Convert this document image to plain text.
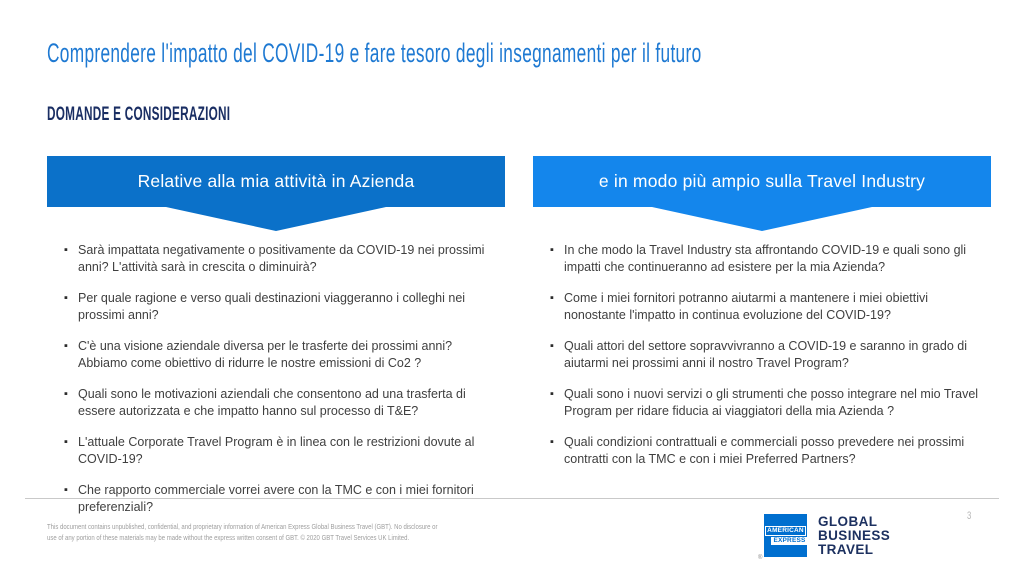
Comprendere l'impatto del COVID-19 e fare tesoro degli insegnamenti per il futuro
DOMANDE E CONSIDERAZIONI
Relative alla mia attività in Azienda
▪ Sarà impattata negativamente o positivamente da COVID-19 nei prossimi anni? L'attività sarà in crescita o diminuirà?
▪ Per quale ragione e verso quali destinazioni viaggeranno i colleghi nei prossimi anni?
▪ C'è una visione aziendale diversa per le trasferte dei prossimi anni? Abbiamo come obiettivo di ridurre le nostre emissioni di Co2 ?
▪ Quali sono le motivazioni aziendali che consentono ad una trasferta di essere autorizzata e che impatto hanno sul processo di T&E?
▪ L'attuale Corporate Travel Program è in linea con le restrizioni dovute al COVID-19?
▪ Che rapporto commerciale vorrei avere con la TMC e con i miei fornitori preferenziali?
e in modo più ampio sulla Travel Industry
▪ In che modo la Travel Industry sta affrontando COVID-19 e quali sono gli impatti che continueranno ad esistere per la mia Azienda?
▪ Come i miei fornitori potranno aiutarmi a mantenere i miei obiettivi nonostante l'impatto in continua evoluzione del COVID-19?
▪ Quali attori del settore sopravvivranno a COVID-19 e saranno in grado di aiutarmi nei prossimi anni il nostro Travel Program?
▪ Quali sono i nuovi servizi o gli strumenti che posso integrare nel mio Travel Program per ridare fiducia ai viaggiatori della mia Azienda ?
▪ Quali condizioni contrattuali e commerciali posso prevedere nei prossimi contratti con la TMC e con i miei Preferred Partners?
This document contains unpublished, confidential, and proprietary information of American Express Global Business Travel (GBT). No disclosure or
use of any portion of these materials may be made without the express written consent of GBT. © 2020 GBT Travel Services UK Limited.
AMERICAN
EXPRESS
®
GLOBAL
BUSINESS
TRAVEL
3
